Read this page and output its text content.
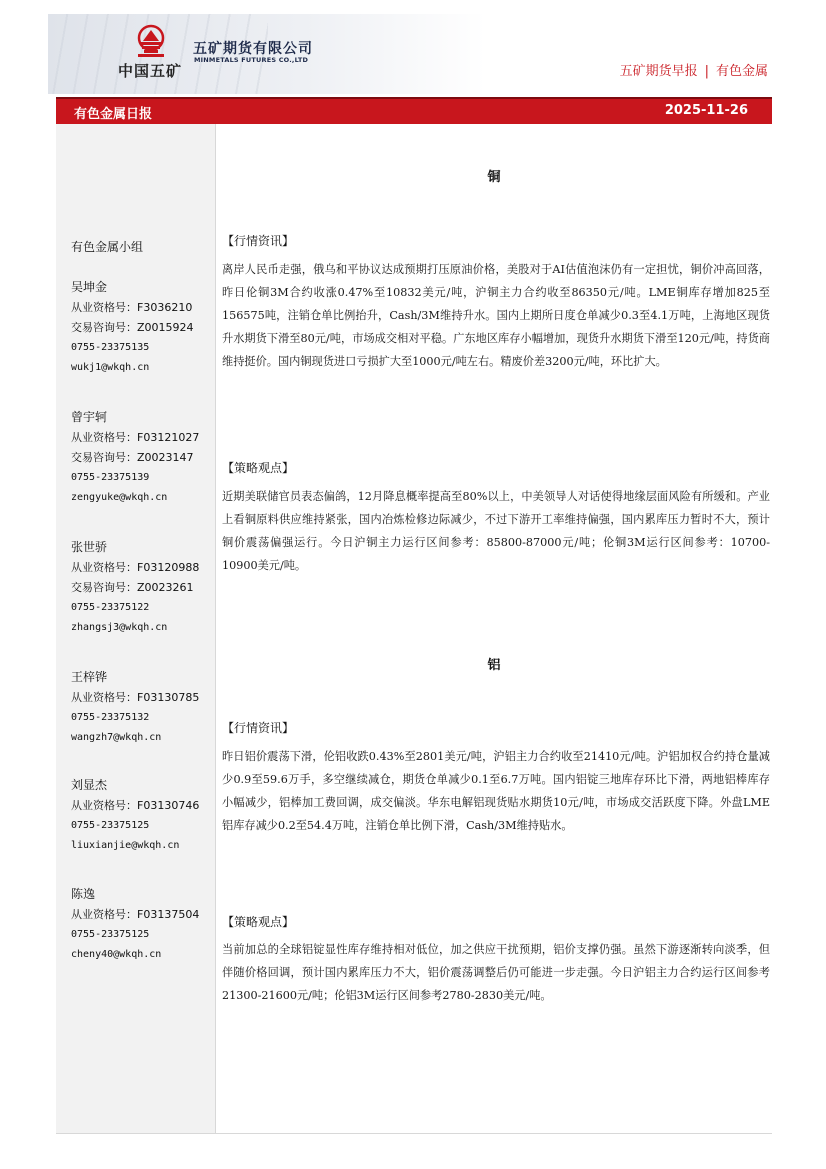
中国五矿
五矿期货有限公司
MINMETALS FUTURES CO.,LTD
五矿期货早报 | 有色金属
有色金属日报	2025-11-26
有色金属小组
吴坤金
从业资格号：F3036210
交易咨询号：Z0015924
0755-23375135
wukj1@wkqh.cn
曾宇轲
从业资格号：F03121027
交易咨询号：Z0023147
0755-23375139
zengyuke@wkqh.cn
张世骄
从业资格号：F03120988
交易咨询号：Z0023261
0755-23375122
zhangsj3@wkqh.cn
王梓铧
从业资格号：F03130785
0755-23375132
wangzh7@wkqh.cn
刘显杰
从业资格号：F03130746
0755-23375125
liuxianjie@wkqh.cn
陈逸
从业资格号：F03137504
0755-23375125
cheny40@wkqh.cn
铜
【行情资讯】
离岸人民币走强，俄乌和平协议达成预期打压原油价格，美股对于AI估值泡沫仍有一定担忧，铜价冲高回落，昨日伦铜3M合约收涨0.47%至10832美元/吨，沪铜主力合约收至86350元/吨。LME铜库存增加825至156575吨，注销仓单比例抬升，Cash/3M维持升水。国内上期所日度仓单减少0.3至4.1万吨，上海地区现货升水期货下滑至80元/吨，市场成交相对平稳。广东地区库存小幅增加，现货升水期货下滑至120元/吨，持货商维持挺价。国内铜现货进口亏损扩大至1000元/吨左右。精废价差3200元/吨，环比扩大。
【策略观点】
近期美联储官员表态偏鸽，12月降息概率提高至80%以上，中美领导人对话使得地缘层面风险有所缓和。产业上看铜原料供应维持紧张，国内冶炼检修边际减少，不过下游开工率维持偏强，国内累库压力暂时不大，预计铜价震荡偏强运行。今日沪铜主力运行区间参考：85800-87000元/吨；伦铜3M运行区间参考：10700-10900美元/吨。
铝
【行情资讯】
昨日铝价震荡下滑，伦铝收跌0.43%至2801美元/吨，沪铝主力合约收至21410元/吨。沪铝加权合约持仓量减少0.9至59.6万手，多空继续减仓，期货仓单减少0.1至6.7万吨。国内铝锭三地库存环比下滑，两地铝棒库存小幅减少，铝棒加工费回调，成交偏淡。华东电解铝现货贴水期货10元/吨，市场成交活跃度下降。外盘LME铝库存减少0.2至54.4万吨，注销仓单比例下滑，Cash/3M维持贴水。
【策略观点】
当前加总的全球铝锭显性库存维持相对低位，加之供应干扰预期，铝价支撑仍强。虽然下游逐渐转向淡季，但伴随价格回调，预计国内累库压力不大，铝价震荡调整后仍可能进一步走强。今日沪铝主力合约运行区间参考21300-21600元/吨；伦铝3M运行区间参考2780-2830美元/吨。
